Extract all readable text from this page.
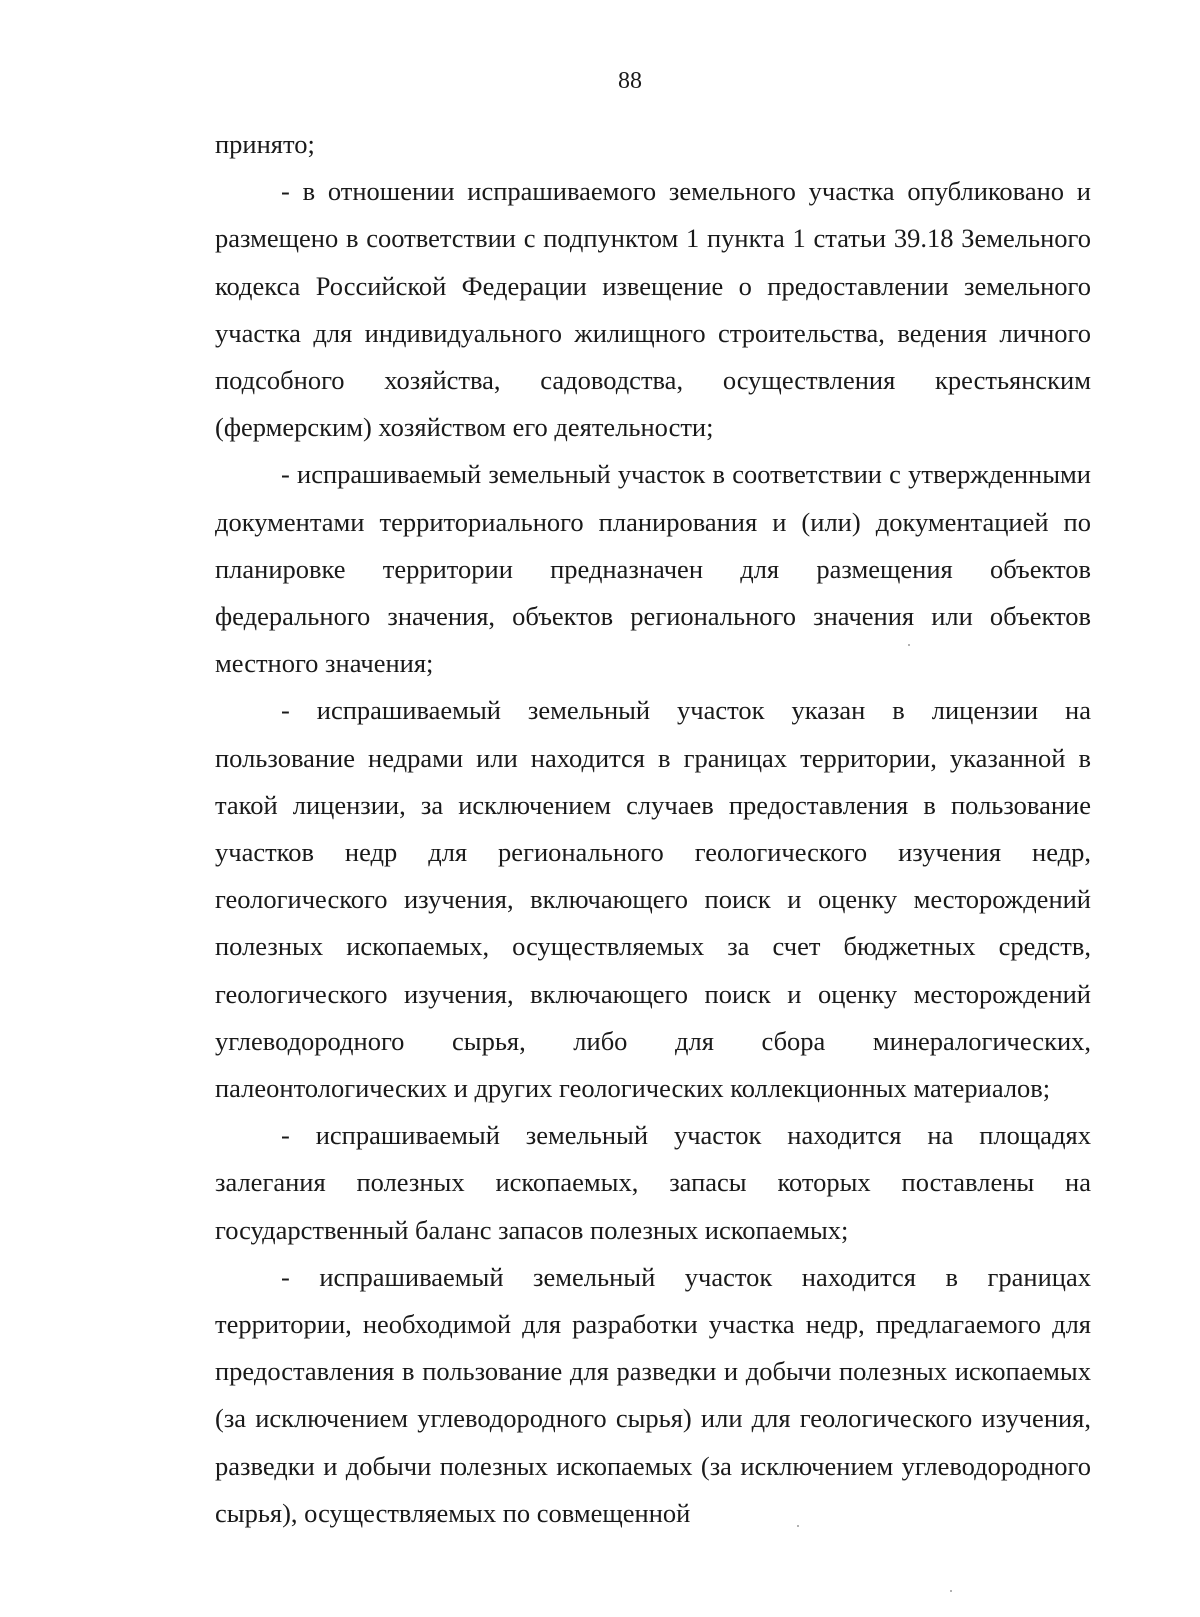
88

принято;

- в отношении испрашиваемого земельного участка опубликовано и размещено в соответствии с подпунктом 1 пункта 1 статьи 39.18 Земельного кодекса Российской Федерации извещение о предоставлении земельного участка для индивидуального жилищного строительства, ведения личного подсобного хозяйства, садоводства, осуществления крестьянским (фермерским) хозяйством его деятельности;

- испрашиваемый земельный участок в соответствии с утвержденными документами территориального планирования и (или) документацией по планировке территории предназначен для размещения объектов федерального значения, объектов регионального значения или объектов местного значения;

- испрашиваемый земельный участок указан в лицензии на пользование недрами или находится в границах территории, указанной в такой лицензии, за исключением случаев предоставления в пользование участков недр для регионального геологического изучения недр, геологического изучения, включающего поиск и оценку месторождений полезных ископаемых, осуществляемых за счет бюджетных средств, геологического изучения, включающего поиск и оценку месторождений углеводородного сырья, либо для сбора минералогических, палеонтологических и других геологических коллекционных материалов;

- испрашиваемый земельный участок находится на площадях залегания полезных ископаемых, запасы которых поставлены на государственный баланс запасов полезных ископаемых;

- испрашиваемый земельный участок находится в границах территории, необходимой для разработки участка недр, предлагаемого для предоставления в пользование для разведки и добычи полезных ископаемых (за исключением углеводородного сырья) или для геологического изучения, разведки и добычи полезных ископаемых (за исключением углеводородного сырья), осуществляемых по совмещенной
